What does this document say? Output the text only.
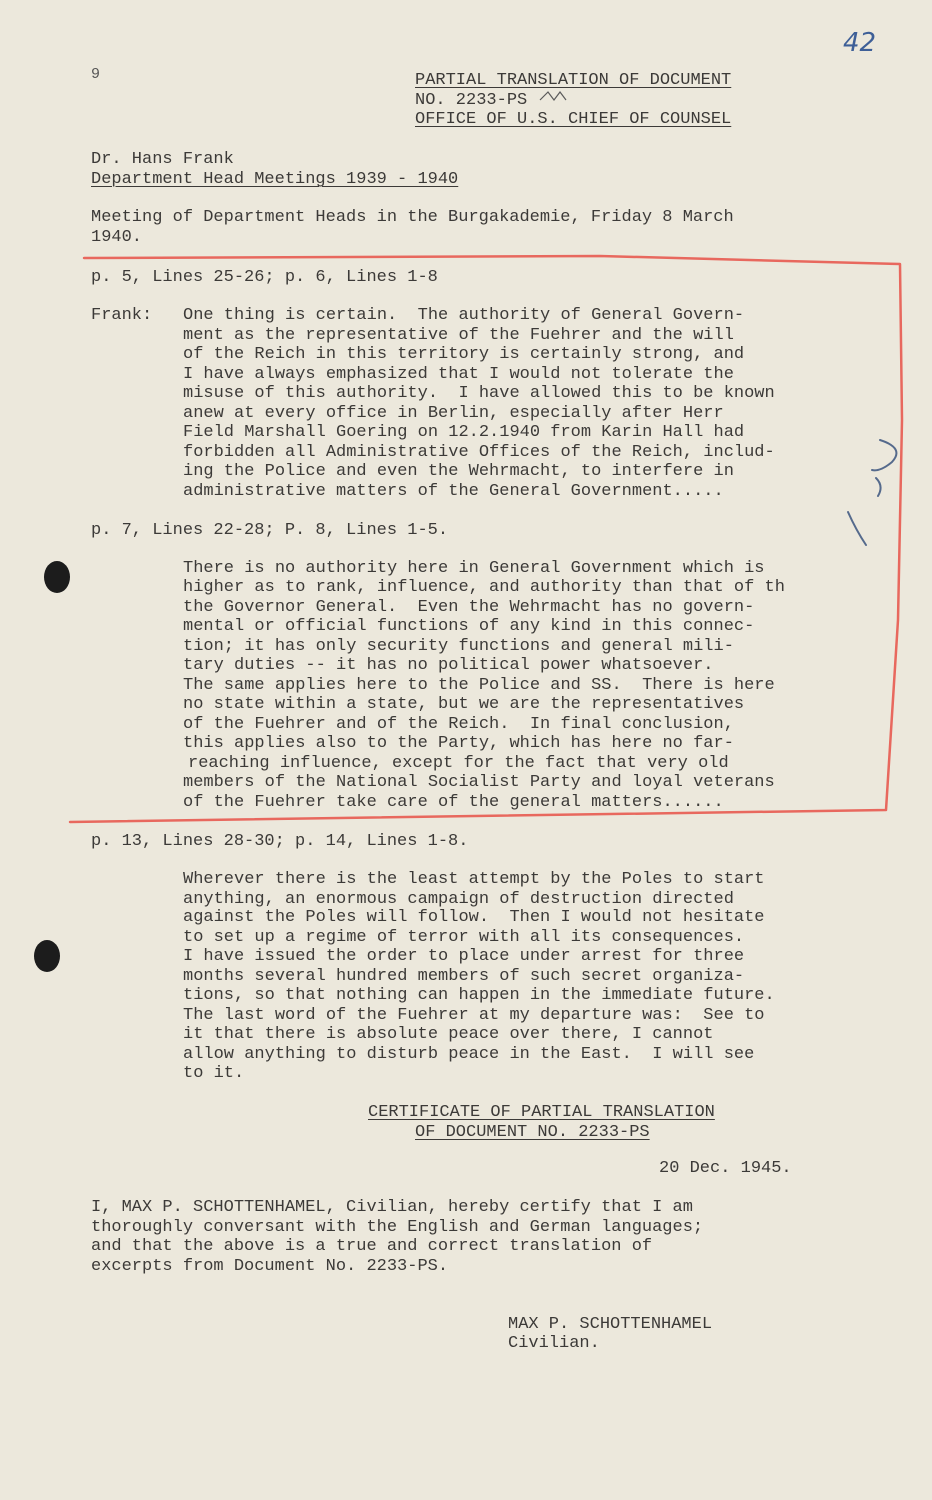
42
9	PARTIAL TRANSLATION OF DOCUMENT
NO. 2233-PS
OFFICE OF U.S. CHIEF OF COUNSEL
Dr. Hans Frank
Department Head Meetings 1939 - 1940
Meeting of Department Heads in the Burgakademie, Friday 8 March
1940.
p. 5, Lines 25-26; p. 6, Lines 1-8
Frank: One thing is certain.  The authority of General Govern-
ment as the representative of the Fuehrer and the will
of the Reich in this territory is certainly strong, and
I have always emphasized that I would not tolerate the
misuse of this authority.  I have allowed this to be known
anew at every office in Berlin, especially after Herr
Field Marshall Goering on 12.2.1940 from Karin Hall had
forbidden all Administrative Offices of the Reich, includ-
ing the Police and even the Wehrmacht, to interfere in
administrative matters of the General Government.....
p. 7, Lines 22-28; P. 8, Lines 1-5.
There is no authority here in General Government which is
higher as to rank, influence, and authority than that of th
the Governor General.  Even the Wehrmacht has no govern-
mental or official functions of any kind in this connec-
tion; it has only security functions and general mili-
tary duties -- it has no political power whatsoever.
The same applies here to the Police and SS.  There is here
no state within a state, but we are the representatives
of the Fuehrer and of the Reich.  In final conclusion,
this applies also to the Party, which has here no far-
reaching influence, except for the fact that very old
members of the National Socialist Party and loyal veterans
of the Fuehrer take care of the general matters......
p. 13, Lines 28-30; p. 14, Lines 1-8.
Wherever there is the least attempt by the Poles to start
anything, an enormous campaign of destruction directed
against the Poles will follow.  Then I would not hesitate
to set up a regime of terror with all its consequences.
I have issued the order to place under arrest for three
months several hundred members of such secret organiza-
tions, so that nothing can happen in the immediate future.
The last word of the Fuehrer at my departure was:  See to
it that there is absolute peace over there, I cannot
allow anything to disturb peace in the East.  I will see
to it.
CERTIFICATE OF PARTIAL TRANSLATION
OF DOCUMENT NO. 2233-PS
20 Dec. 1945.
I, MAX P. SCHOTTENHAMEL, Civilian, hereby certify that I am
thoroughly conversant with the English and German languages;
and that the above is a true and correct translation of
excerpts from Document No. 2233-PS.
MAX P. SCHOTTENHAMEL
Civilian.
